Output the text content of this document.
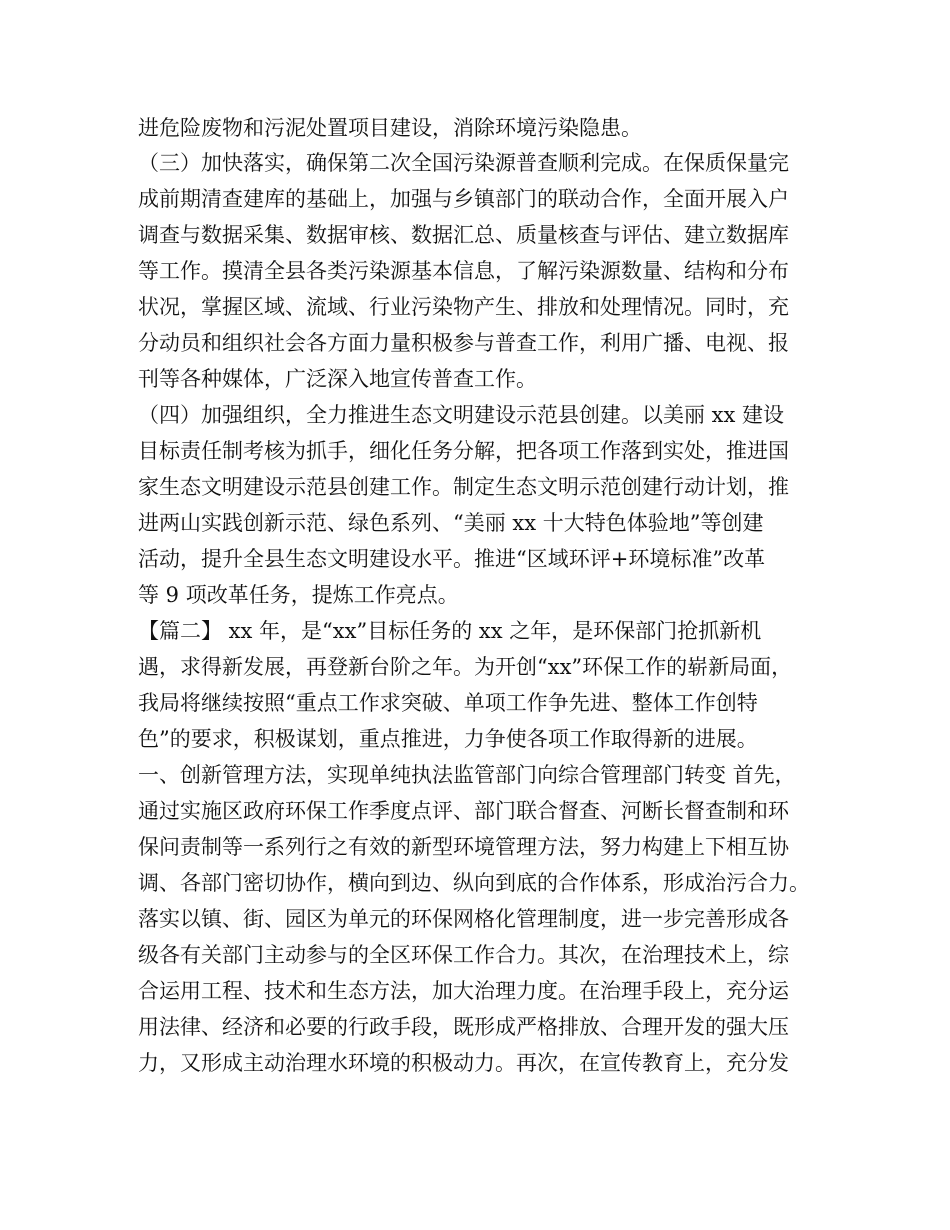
进危险废物和污泥处置项目建设，消除环境污染隐患。
（三）加快落实，确保第二次全国污染源普查顺利完成。在保质保量完
成前期清查建库的基础上，加强与乡镇部门的联动合作，全面开展入户
调查与数据采集、数据审核、数据汇总、质量核查与评估、建立数据库
等工作。摸清全县各类污染源基本信息，了解污染源数量、结构和分布
状况，掌握区域、流域、行业污染物产生、排放和处理情况。同时，充
分动员和组织社会各方面力量积极参与普查工作，利用广播、电视、报
刊等各种媒体，广泛深入地宣传普查工作。
（四）加强组织，全力推进生态文明建设示范县创建。以美丽 xx 建设
目标责任制考核为抓手，细化任务分解，把各项工作落到实处，推进国
家生态文明建设示范县创建工作。制定生态文明示范创建行动计划，推
进两山实践创新示范、绿色系列、“美丽 xx 十大特色体验地”等创建
活动，提升全县生态文明建设水平。推进“区域环评+环境标准”改革
等 9 项改革任务，提炼工作亮点。
【篇二】 xx 年，是“xx”目标任务的 xx 之年，是环保部门抢抓新机
遇，求得新发展，再登新台阶之年。为开创“xx”环保工作的崭新局面，
我局将继续按照“重点工作求突破、单项工作争先进、整体工作创特
色”的要求，积极谋划，重点推进，力争使各项工作取得新的进展。
一、创新管理方法，实现单纯执法监管部门向综合管理部门转变 首先，
通过实施区政府环保工作季度点评、部门联合督查、河断长督查制和环
保问责制等一系列行之有效的新型环境管理方法，努力构建上下相互协
调、各部门密切协作，横向到边、纵向到底的合作体系，形成治污合力。
落实以镇、街、园区为单元的环保网格化管理制度，进一步完善形成各
级各有关部门主动参与的全区环保工作合力。其次，在治理技术上，综
合运用工程、技术和生态方法，加大治理力度。在治理手段上，充分运
用法律、经济和必要的行政手段，既形成严格排放、合理开发的强大压
力，又形成主动治理水环境的积极动力。再次，在宣传教育上，充分发
